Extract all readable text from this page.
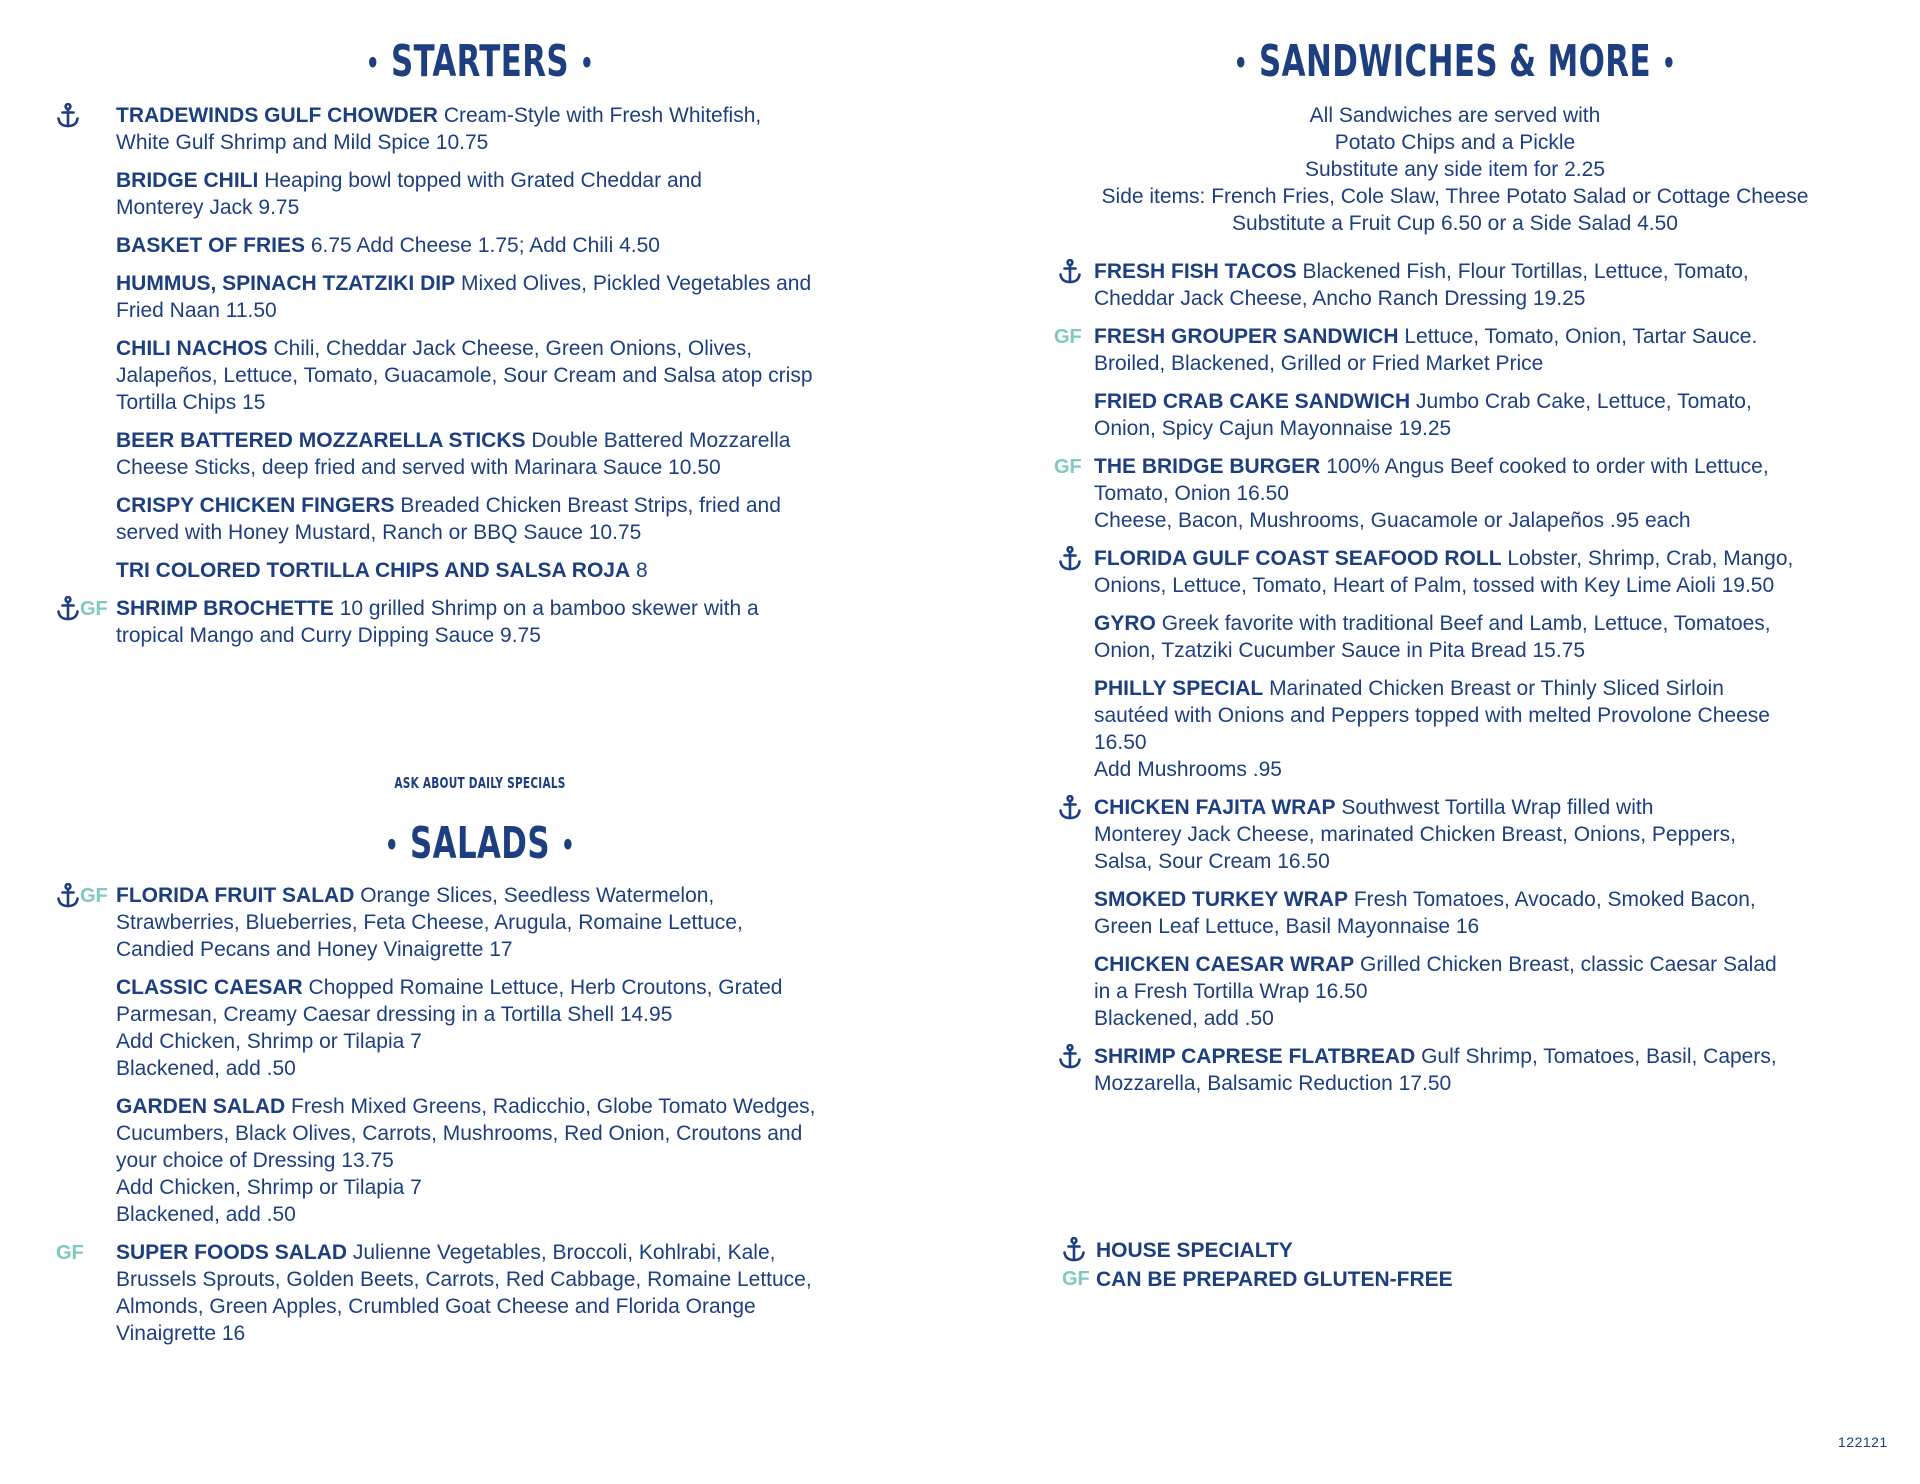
• STARTERS •
TRADEWINDS GULF CHOWDER Cream-Style with Fresh Whitefish,
White Gulf Shrimp and Mild Spice 10.75
BRIDGE CHILI Heaping bowl topped with Grated Cheddar and
Monterey Jack 9.75
BASKET OF FRIES 6.75 Add Cheese 1.75; Add Chili 4.50
HUMMUS, SPINACH TZATZIKI DIP Mixed Olives, Pickled Vegetables and
Fried Naan 11.50
CHILI NACHOS Chili, Cheddar Jack Cheese, Green Onions, Olives,
Jalapeños, Lettuce, Tomato, Guacamole, Sour Cream and Salsa atop crisp
Tortilla Chips 15
BEER BATTERED MOZZARELLA STICKS Double Battered Mozzarella
Cheese Sticks, deep fried and served with Marinara Sauce 10.50
CRISPY CHICKEN FINGERS Breaded Chicken Breast Strips, fried and
served with Honey Mustard, Ranch or BBQ Sauce 10.75
TRI COLORED TORTILLA CHIPS AND SALSA ROJA 8
GF SHRIMP BROCHETTE 10 grilled Shrimp on a bamboo skewer with a
tropical Mango and Curry Dipping Sauce 9.75
ASK ABOUT DAILY SPECIALS
• SALADS •
GF FLORIDA FRUIT SALAD Orange Slices, Seedless Watermelon,
Strawberries, Blueberries, Feta Cheese, Arugula, Romaine Lettuce,
Candied Pecans and Honey Vinaigrette 17
CLASSIC CAESAR Chopped Romaine Lettuce, Herb Croutons, Grated
Parmesan, Creamy Caesar dressing in a Tortilla Shell 14.95
Add Chicken, Shrimp or Tilapia 7
Blackened, add .50
GARDEN SALAD Fresh Mixed Greens, Radicchio, Globe Tomato Wedges,
Cucumbers, Black Olives, Carrots, Mushrooms, Red Onion, Croutons and
your choice of Dressing 13.75
Add Chicken, Shrimp or Tilapia 7
Blackened, add .50
GF SUPER FOODS SALAD Julienne Vegetables, Broccoli, Kohlrabi, Kale,
Brussels Sprouts, Golden Beets, Carrots, Red Cabbage, Romaine Lettuce,
Almonds, Green Apples, Crumbled Goat Cheese and Florida Orange
Vinaigrette 16
• SANDWICHES & MORE •
All Sandwiches are served with
Potato Chips and a Pickle
Substitute any side item for 2.25
Side items: French Fries, Cole Slaw, Three Potato Salad or Cottage Cheese
Substitute a Fruit Cup 6.50 or a Side Salad 4.50
FRESH FISH TACOS Blackened Fish, Flour Tortillas, Lettuce, Tomato,
Cheddar Jack Cheese, Ancho Ranch Dressing 19.25
GF FRESH GROUPER SANDWICH Lettuce, Tomato, Onion, Tartar Sauce.
Broiled, Blackened, Grilled or Fried Market Price
FRIED CRAB CAKE SANDWICH Jumbo Crab Cake, Lettuce, Tomato,
Onion, Spicy Cajun Mayonnaise 19.25
GF THE BRIDGE BURGER 100% Angus Beef cooked to order with Lettuce,
Tomato, Onion 16.50
Cheese, Bacon, Mushrooms, Guacamole or Jalapeños .95 each
FLORIDA GULF COAST SEAFOOD ROLL Lobster, Shrimp, Crab, Mango,
Onions, Lettuce, Tomato, Heart of Palm, tossed with Key Lime Aioli 19.50
GYRO Greek favorite with traditional Beef and Lamb, Lettuce, Tomatoes,
Onion, Tzatziki Cucumber Sauce in Pita Bread 15.75
PHILLY SPECIAL Marinated Chicken Breast or Thinly Sliced Sirloin
sautéed with Onions and Peppers topped with melted Provolone Cheese
16.50
Add Mushrooms .95
CHICKEN FAJITA WRAP Southwest Tortilla Wrap filled with
Monterey Jack Cheese, marinated Chicken Breast, Onions, Peppers,
Salsa, Sour Cream 16.50
SMOKED TURKEY WRAP Fresh Tomatoes, Avocado, Smoked Bacon,
Green Leaf Lettuce, Basil Mayonnaise 16
CHICKEN CAESAR WRAP Grilled Chicken Breast, classic Caesar Salad
in a Fresh Tortilla Wrap 16.50
Blackened, add .50
SHRIMP CAPRESE FLATBREAD Gulf Shrimp, Tomatoes, Basil, Capers,
Mozzarella, Balsamic Reduction 17.50
HOUSE SPECIALTY
GF CAN BE PREPARED GLUTEN-FREE
122121
